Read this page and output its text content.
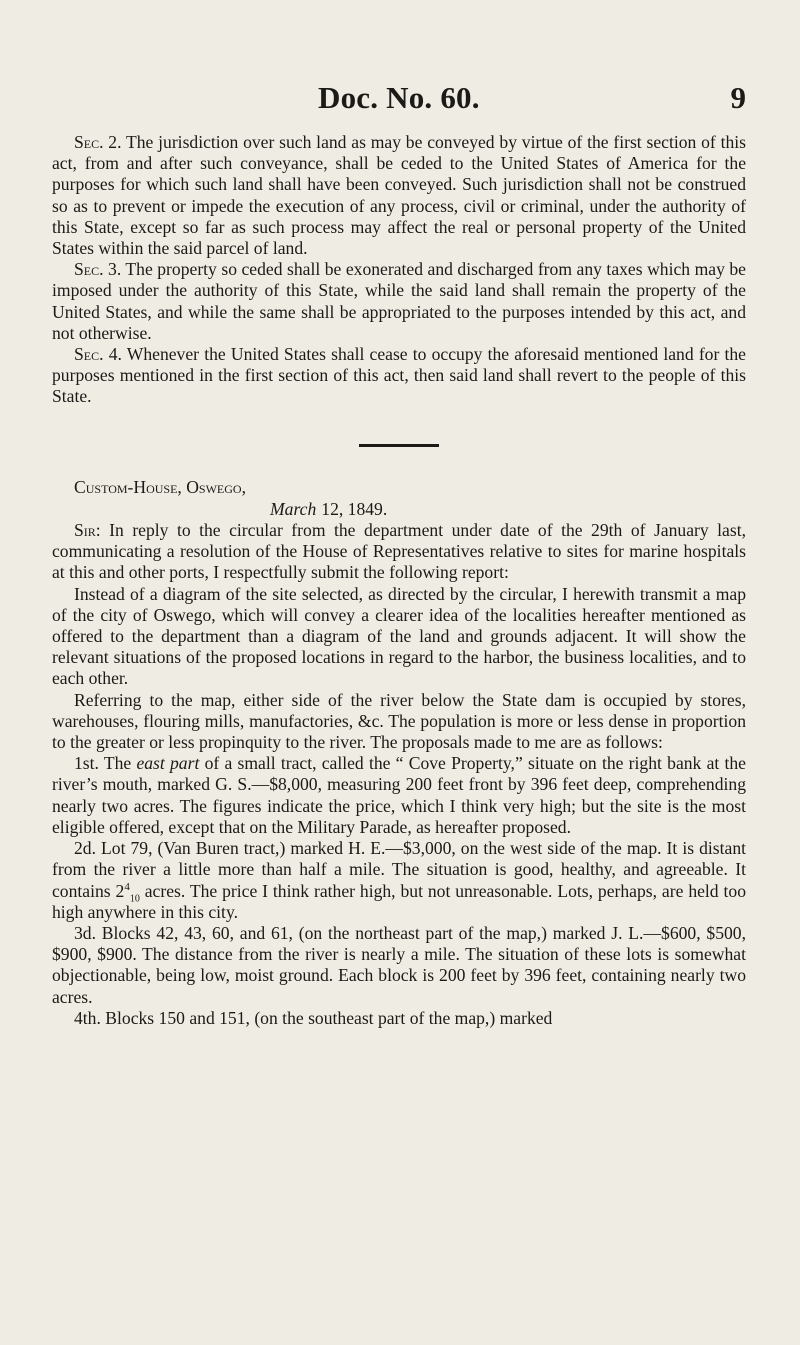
Doc. No. 60.	9

Sec. 2. The jurisdiction over such land as may be conveyed by virtue of the first section of this act, from and after such conveyance, shall be ceded to the United States of America for the purposes for which such land shall have been conveyed. Such jurisdiction shall not be construed so as to prevent or impede the execution of any process, civil or criminal, under the authority of this State, except so far as such process may affect the real or personal property of the United States within the said parcel of land.

Sec. 3. The property so ceded shall be exonerated and discharged from any taxes which may be imposed under the authority of this State, while the said land shall remain the property of the United States, and while the same shall be appropriated to the purposes intended by this act, and not otherwise.

Sec. 4. Whenever the United States shall cease to occupy the aforesaid mentioned land for the purposes mentioned in the first section of this act, then said land shall revert to the people of this State.

Custom-House, Oswego,
March 12, 1849.

Sir: In reply to the circular from the department under date of the 29th of January last, communicating a resolution of the House of Representatives relative to sites for marine hospitals at this and other ports, I respectfully submit the following report:

Instead of a diagram of the site selected, as directed by the circular, I herewith transmit a map of the city of Oswego, which will convey a clearer idea of the localities hereafter mentioned as offered to the department than a diagram of the land and grounds adjacent. It will show the relevant situations of the proposed locations in regard to the harbor, the business localities, and to each other.

Referring to the map, either side of the river below the State dam is occupied by stores, warehouses, flouring mills, manufactories, &c. The population is more or less dense in proportion to the greater or less propinquity to the river. The proposals made to me are as follows:

1st. The east part of a small tract, called the “ Cove Property,” situate on the right bank at the river’s mouth, marked G. S.—$8,000, measuring 200 feet front by 396 feet deep, comprehending nearly two acres. The figures indicate the price, which I think very high; but the site is the most eligible offered, except that on the Military Parade, as hereafter proposed.

2d. Lot 79, (Van Buren tract,) marked H. E.—$3,000, on the west side of the map. It is distant from the river a little more than half a mile. The situation is good, healthy, and agreeable. It contains $2^4_{10}$ acres. The price I think rather high, but not unreasonable. Lots, perhaps, are held too high anywhere in this city.

3d. Blocks 42, 43, 60, and 61, (on the northeast part of the map,) marked J. L.—$600, $500, $900, $900. The distance from the river is nearly a mile. The situation of these lots is somewhat objectionable, being low, moist ground. Each block is 200 feet by 396 feet, containing nearly two acres.

4th. Blocks 150 and 151, (on the southeast part of the map,) marked
